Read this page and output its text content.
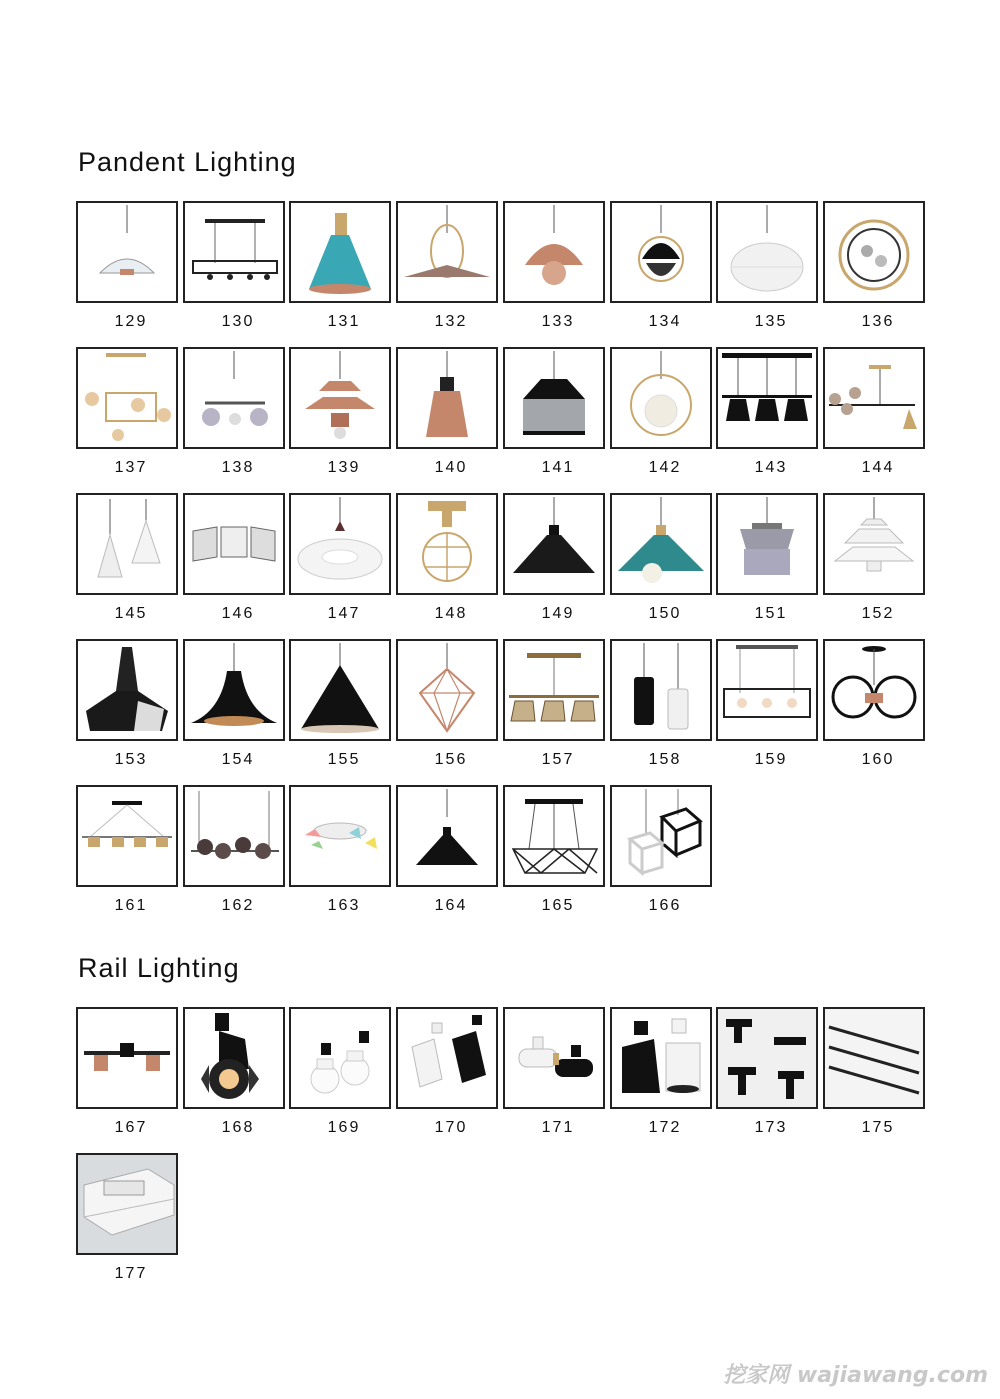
Pandent Lighting
129	130	131	132	133	134	135	136
137	138	139	140	141	142	143	144
145	146	147	148	149	150	151	152
153	154	155	156	157	158	159	160
161	162	163	164	165	166
Rail Lighting
167	168	169	170	171	172	173	175
177
挖家网 wajiawang.com
